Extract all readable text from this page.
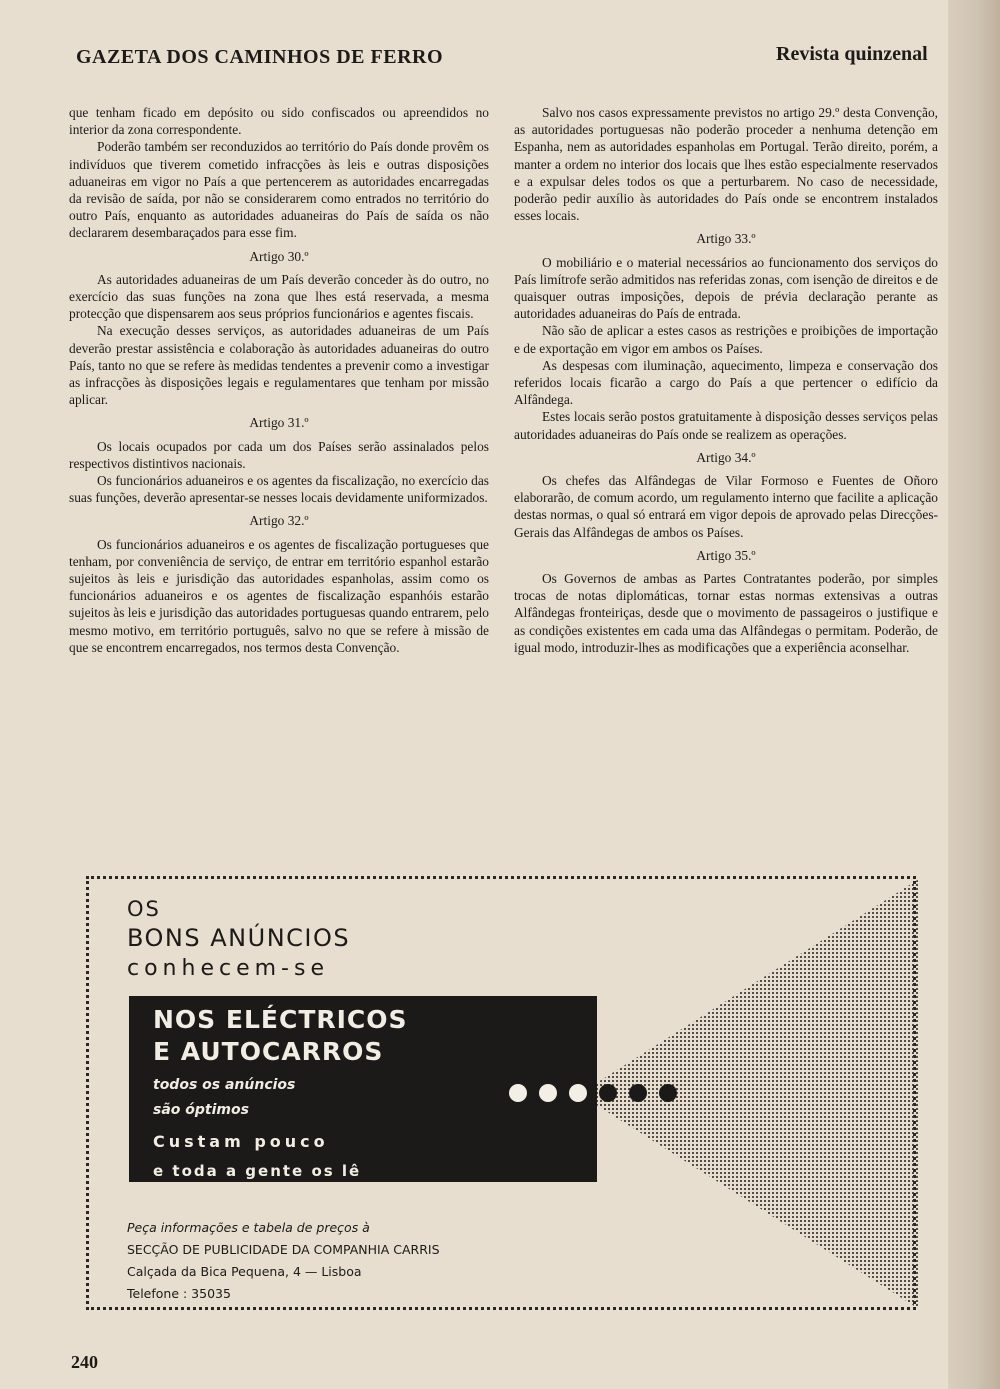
GAZETA DOS CAMINHOS DE FERRO	Revista quinzenal

que tenham ficado em depósito ou sido confiscados ou apreendidos no interior da zona correspondente.

Poderão também ser reconduzidos ao território do País donde provêm os indivíduos que tiverem cometido infracções às leis e outras disposições aduaneiras em vigor no País a que pertencerem as autoridades encarregadas da revisão de saída, por não se considerarem como entrados no território do outro País, enquanto as autoridades aduaneiras do País de saída os não declararem desembaraçados para esse fim.

Artigo 30.º

As autoridades aduaneiras de um País deverão conceder às do outro, no exercício das suas funções na zona que lhes está reservada, a mesma protecção que dispensarem aos seus próprios funcionários e agentes fiscais.

Na execução desses serviços, as autoridades aduaneiras de um País deverão prestar assistência e colaboração às autoridades aduaneiras do outro País, tanto no que se refere às medidas tendentes a prevenir como a investigar as infracções às disposições legais e regulamentares que tenham por missão aplicar.

Artigo 31.º

Os locais ocupados por cada um dos Países serão assinalados pelos respectivos distintivos nacionais.

Os funcionários aduaneiros e os agentes da fiscalização, no exercício das suas funções, deverão apresentar-se nesses locais devidamente uniformizados.

Artigo 32.º

Os funcionários aduaneiros e os agentes de fiscalização portugueses que tenham, por conveniência de serviço, de entrar em território espanhol estarão sujeitos às leis e jurisdição das autoridades espanholas, assim como os funcionários aduaneiros e os agentes de fiscalização espanhóis estarão sujeitos às leis e jurisdição das autoridades portuguesas quando entrarem, pelo mesmo motivo, em território português, salvo no que se refere à missão de que se encontrem encarregados, nos termos desta Convenção.

Salvo nos casos expressamente previstos no artigo 29.º desta Convenção, as autoridades portuguesas não poderão proceder a nenhuma detenção em Espanha, nem as autoridades espanholas em Portugal. Terão direito, porém, a manter a ordem no interior dos locais que lhes estão especialmente reservados e a expulsar deles todos os que a perturbarem. No caso de necessidade, poderão pedir auxílio às autoridades do País onde se encontrem instalados esses locais.

Artigo 33.º

O mobiliário e o material necessários ao funcionamento dos serviços do País limítrofe serão admitidos nas referidas zonas, com isenção de direitos e de quaisquer outras imposições, depois de prévia declaração perante as autoridades aduaneiras do País de entrada.

Não são de aplicar a estes casos as restrições e proibições de importação e de exportação em vigor em ambos os Países.

As despesas com iluminação, aquecimento, limpeza e conservação dos referidos locais ficarão a cargo do País a que pertencer o edifício da Alfândega.

Estes locais serão postos gratuitamente à disposição desses serviços pelas autoridades aduaneiras do País onde se realizem as operações.

Artigo 34.º

Os chefes das Alfândegas de Vilar Formoso e Fuentes de Oñoro elaborarão, de comum acordo, um regulamento interno que facilite a aplicação destas normas, o qual só entrará em vigor depois de aprovado pelas Direcções-Gerais das Alfândegas de ambos os Países.

Artigo 35.º

Os Governos de ambas as Partes Contratantes poderão, por simples trocas de notas diplomáticas, tornar estas normas extensivas a outras Alfândegas fronteiriças, desde que o movimento de passageiros o justifique e as condições existentes em cada uma das Alfândegas o permitam. Poderão, de igual modo, introduzir-lhes as modificações que a experiência aconselhar.

OS
BONS ANÚNCIOS
conhecem-se
NOS ELÉCTRICOS
E AUTOCARROS
todos os anúncios
são óptimos
Custam pouco
e toda a gente os lê
Peça informações e tabela de preços à
SECÇÃO DE PUBLICIDADE DA COMPANHIA CARRIS
Calçada da Bica Pequena, 4 — Lisboa
Telefone : 35035
240
